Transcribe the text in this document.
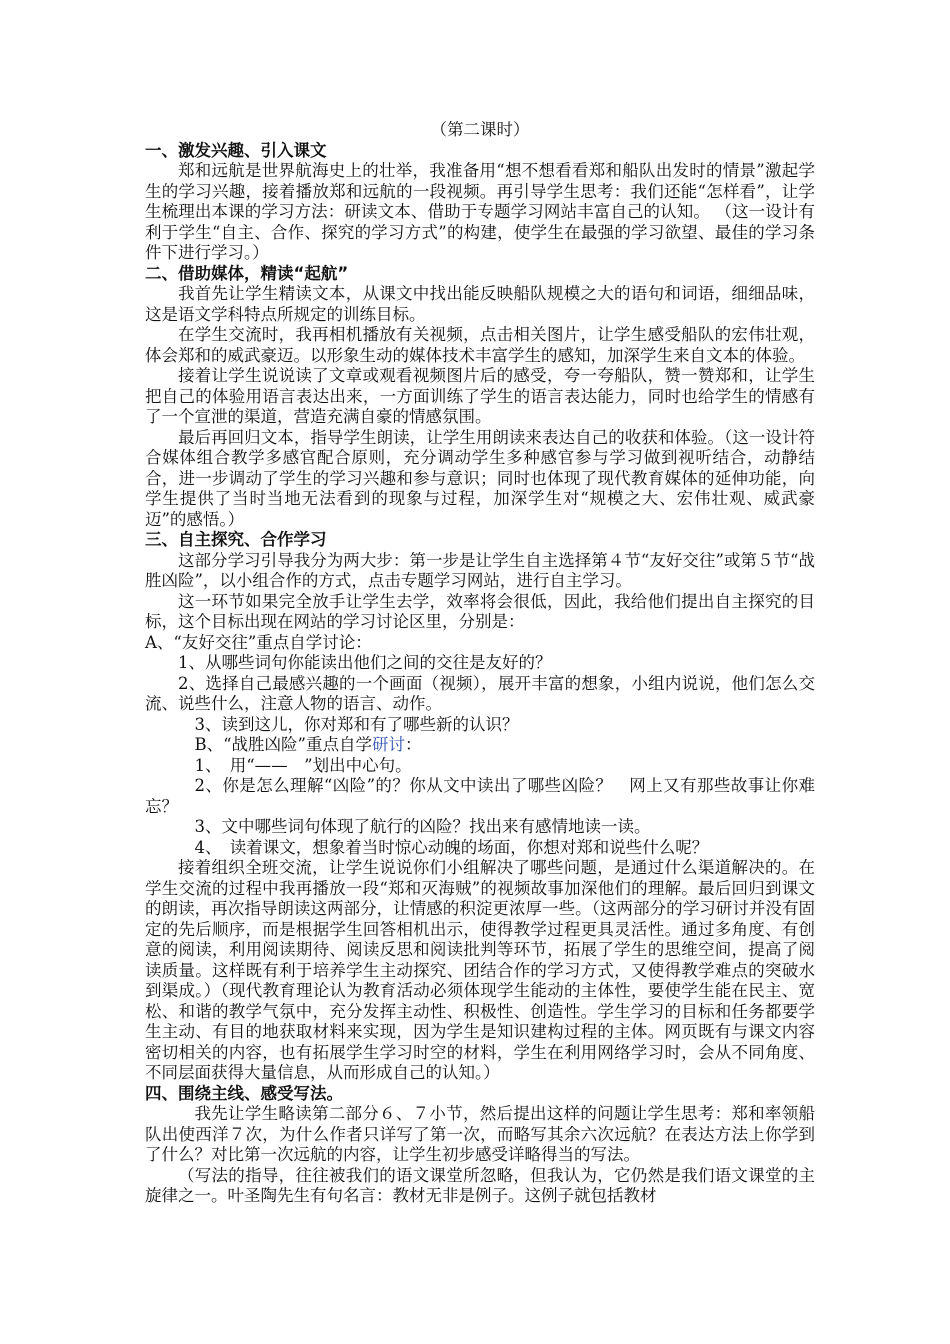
（第二课时）

一、激发兴趣、引入课文

郑和远航是世界航海史上的壮举，我准备用“想不想看看郑和船队出发时的情景”激起学生的学习兴趣，接着播放郑和远航的一段视频。再引导学生思考：我们还能“怎样看”，让学生梳理出本课的学习方法：研读文本、借助于专题学习网站丰富自己的认知。 （这一设计有利于学生“自主、合作、探究的学习方式”的构建，使学生在最强的学习欲望、最佳的学习条件下进行学习。）

二、借助媒体，精读“起航”

我首先让学生精读文本，从课文中找出能反映船队规模之大的语句和词语，细细品味，这是语文学科特点所规定的训练目标。

在学生交流时，我再相机播放有关视频，点击相关图片，让学生感受船队的宏伟壮观，体会郑和的威武豪迈。以形象生动的媒体技术丰富学生的感知，加深学生来自文本的体验。

接着让学生说说读了文章或观看视频图片后的感受，夸一夸船队，赞一赞郑和，让学生把自己的体验用语言表达出来，一方面训练了学生的语言表达能力，同时也给学生的情感有了一个宣泄的渠道，营造充满自豪的情感氛围。

最后再回归文本，指导学生朗读，让学生用朗读来表达自己的收获和体验。（这一设计符合媒体组合教学多感官配合原则，充分调动学生多种感官参与学习做到视听结合，动静结合，进一步调动了学生的学习兴趣和参与意识；同时也体现了现代教育媒体的延伸功能，向学生提供了当时当地无法看到的现象与过程，加深学生对“规模之大、宏伟壮观、威武豪迈”的感悟。）

三、自主探究、合作学习

这部分学习引导我分为两大步：第一步是让学生自主选择第４节“友好交往”或第５节“战胜凶险”，以小组合作的方式，点击专题学习网站，进行自主学习。

这一环节如果完全放手让学生去学，效率将会很低，因此，我给他们提出自主探究的目标，这个目标出现在网站的学习讨论区里，分别是：

A、“友好交往”重点自学讨论：

1、从哪些词句你能读出他们之间的交往是友好的？

2、选择自己最感兴趣的一个画面（视频），展开丰富的想象，小组内说说，他们怎么交流、说些什么，注意人物的语言、动作。

3、读到这儿，你对郑和有了哪些新的认识？

B、“战胜凶险”重点自学研讨：

1、　用“——　”划出中心句。

2、你是怎么理解“凶险”的？你从文中读出了哪些凶险？　网上又有那些故事让你难忘？

3、文中哪些词句体现了航行的凶险？找出来有感情地读一读。

4、　读着课文，想象着当时惊心动魄的场面，你想对郑和说些什么呢？

接着组织全班交流，让学生说说你们小组解决了哪些问题，是通过什么渠道解决的。在学生交流的过程中我再播放一段“郑和灭海贼”的视频故事加深他们的理解。最后回归到课文的朗读，再次指导朗读这两部分，让情感的积淀更浓厚一些。（这两部分的学习研讨并没有固定的先后顺序，而是根据学生回答相机出示，使得教学过程更具灵活性。通过多角度、有创意的阅读，利用阅读期待、阅读反思和阅读批判等环节，拓展了学生的思维空间，提高了阅读质量。这样既有利于培养学生主动探究、团结合作的学习方式，又使得教学难点的突破水到渠成。）（现代教育理论认为教育活动必须体现学生能动的主体性，要使学生能在民主、宽松、和谐的教学气氛中，充分发挥主动性、积极性、创造性。学生学习的目标和任务都要学生主动、有目的地获取材料来实现，因为学生是知识建构过程的主体。网页既有与课文内容密切相关的内容，也有拓展学生学习时空的材料，学生在利用网络学习时，会从不同角度、不同层面获得大量信息，从而形成自己的认知。）

四、围绕主线、感受写法。

我先让学生略读第二部分６、７小节，然后提出这样的问题让学生思考：郑和率领船队出使西洋７次，为什么作者只详写了第一次，而略写其余六次远航？在表达方法上你学到了什么？对比第一次远航的内容，让学生初步感受详略得当的写法。

（写法的指导，往往被我们的语文课堂所忽略，但我认为，它仍然是我们语文课堂的主旋律之一。叶圣陶先生有句名言：教材无非是例子。这例子就包括教材
